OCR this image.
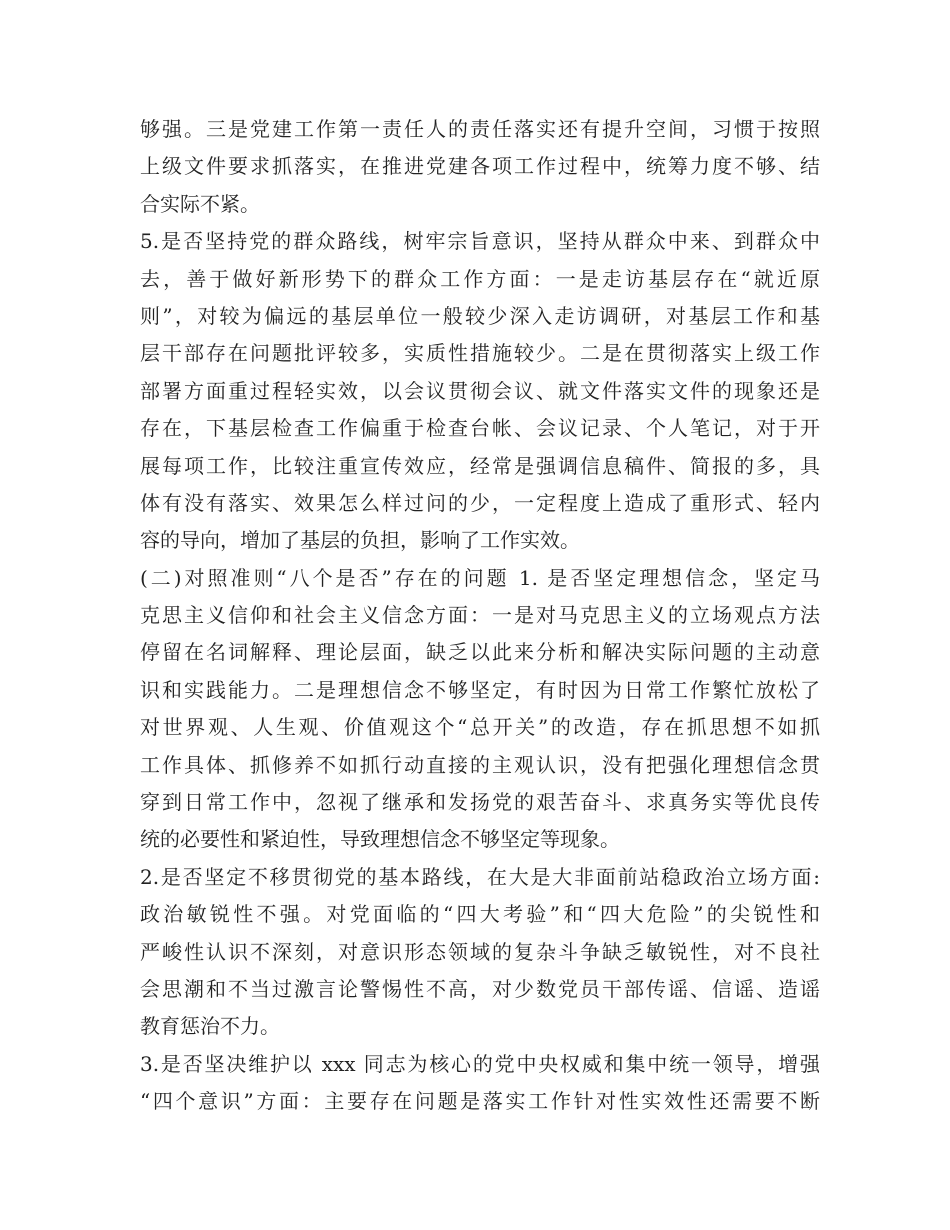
够强。三是党建工作第一责任人的责任落实还有提升空间，习惯于按照
上级文件要求抓落实，在推进党建各项工作过程中，统筹力度不够、结
合实际不紧。
5.是否坚持党的群众路线，树牢宗旨意识，坚持从群众中来、到群众中
去，善于做好新形势下的群众工作方面：一是走访基层存在“就近原
则”，对较为偏远的基层单位一般较少深入走访调研，对基层工作和基
层干部存在问题批评较多，实质性措施较少。二是在贯彻落实上级工作
部署方面重过程轻实效，以会议贯彻会议、就文件落实文件的现象还是
存在，下基层检查工作偏重于检查台帐、会议记录、个人笔记，对于开
展每项工作，比较注重宣传效应，经常是强调信息稿件、简报的多，具
体有没有落实、效果怎么样过问的少，一定程度上造成了重形式、轻内
容的导向，增加了基层的负担，影响了工作实效。
(二)对照准则“八个是否”存在的问题 1. 是否坚定理想信念，坚定马
克思主义信仰和社会主义信念方面：一是对马克思主义的立场观点方法
停留在名词解释、理论层面，缺乏以此来分析和解决实际问题的主动意
识和实践能力。二是理想信念不够坚定，有时因为日常工作繁忙放松了
对世界观、人生观、价值观这个“总开关”的改造，存在抓思想不如抓
工作具体、抓修养不如抓行动直接的主观认识，没有把强化理想信念贯
穿到日常工作中，忽视了继承和发扬党的艰苦奋斗、求真务实等优良传
统的必要性和紧迫性，导致理想信念不够坚定等现象。
2.是否坚定不移贯彻党的基本路线，在大是大非面前站稳政治立场方面:
政治敏锐性不强。对党面临的“四大考验”和“四大危险”的尖锐性和
严峻性认识不深刻，对意识形态领域的复杂斗争缺乏敏锐性，对不良社
会思潮和不当过激言论警惕性不高，对少数党员干部传谣、信谣、造谣
教育惩治不力。
3.是否坚决维护以 xxx 同志为核心的党中央权威和集中统一领导，增强
“四个意识”方面：主要存在问题是落实工作针对性实效性还需要不断
